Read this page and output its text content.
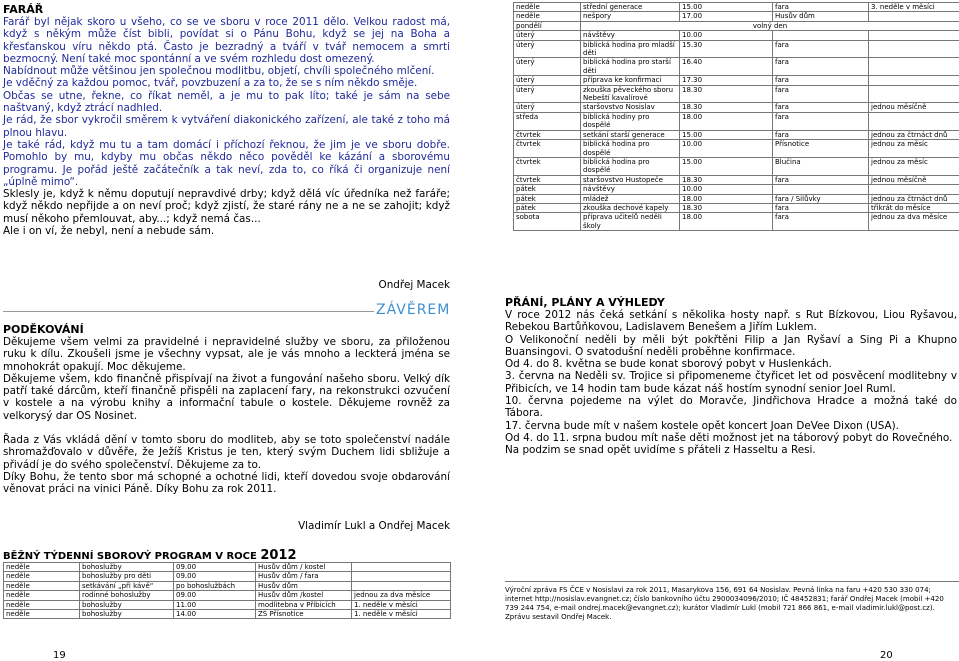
FARÁŘ

Farář byl nějak skoro u všeho, co se ve sboru v roce 2011 dělo. Velkou radost má, když s někým může číst bibli, povídat si o Pánu Bohu, když se jej na Boha a křesťanskou víru někdo ptá. Často je bezradný a tváří v tvář nemocem a smrti bezmocný. Není také moc spontánní a ve svém rozhledu dost omezený.

Nabídnout může většinou jen společnou modlitbu, objetí, chvíli společného mlčení.

Je vděčný za každou pomoc, tvář, povzbuzení a za to, že se s ním někdo směje.

Občas se utne, řekne, co říkat neměl, a je mu to pak líto; také je sám na sebe naštvaný, když ztrácí nadhled.

Je rád, že sbor vykročil směrem k vytváření diakonického zařízení, ale také z toho má plnou hlavu.

Je také rád, když mu tu a tam domácí i příchozí řeknou, že jim je ve sboru dobře. Pomohlo by mu, kdyby mu občas někdo něco pověděl ke kázání a sborovému programu. Je pořád ještě začátečník a tak neví, zda to, co říká či organizuje není „úplně mimo“.

Sklesly je, když k němu doputují nepravdivé drby; když dělá víc úředníka než faráře; když někdo nepřijde a on neví proč; když zjistí, že staré rány ne a ne se zahojit; když musí někoho přemlouvat, aby...; když nemá čas...

Ale i on ví, že nebyl, není a nebude sám.

Ondřej Macek
ZÁVĚREM

PODĚKOVÁNÍ

Děkujeme všem velmi za pravidelné i nepravidelné služby ve sboru, za přiloženou ruku k dílu. Zkoušeli jsme je všechny vypsat, ale je vás mnoho a leckterá jména se mnohokrát opakují. Moc děkujeme.

Děkujeme všem, kdo finančně přispívají na život a fungování našeho sboru. Velký dík patří také dárcům, kteří finančně přispěli na zaplacení fary, na rekonstrukci ozvučení v kostele a na výrobu knihy a informační tabule o kostele. Děkujeme rovněž za velkorysý dar OS Nosinet.

Řada z Vás vkládá dění v tomto sboru do modliteb, aby se toto společenství nadále shromažďovalo v důvěře, že Ježíš Kristus je ten, který svým Duchem lidi sbližuje a přivádí je do svého společenství. Děkujeme za to.

Díky Bohu, že tento sbor má schopné a ochotné lidi, kteří dovedou svoje obdarování věnovat práci na vinici Páně. Díky Bohu za rok 2011.

Vladimír Lukl a Ondřej Macek
BĚŽNÝ TÝDENNÍ SBOROVÝ PROGRAM V ROCE 2012
neděle	bohoslužby	09.00	Husův dům / kostel	
neděle	bohoslužby pro děti	09.00	Husův dům / fara	
neděle	setkávání „při kávě“	po bohoslužbách	Husův dům	
neděle	rodinné bohoslužby	09.00	Husův dům /kostel	jednou za dva měsíce
neděle	bohoslužby	11.00	modlitebna v Přibicích	1. neděle v měsíci
neděle	bohoslužby	14.00	ZŠ Přísnotice	1. neděle v měsíci
19
neděle	střední generace	15.00	fara	3. neděle v měsíci
neděle	nešpory	17.00	Husův dům	
pondělí	volný den			
úterý	návštěvy	10.00		
úterý	biblická hodina pro mladší děti	15.30	fara	
úterý	biblická hodina pro starší děti	16.40	fara	
úterý	příprava ke konfirmaci	17.30	fara	
úterý	zkouška pěveckého sboru Nebeští kavalírové	18.30	fara	
úterý	staršovstvo Nosislav	18.30	fara	jednou měsíčně
středa	biblická hodiny pro dospělé	18.00	fara	
čtvrtek	setkání starší generace	15.00	fara	jednou za čtrnáct dnů
čtvrtek	biblická hodina pro dospělé	10.00	Přísnotice	jednou za měsíc
čtvrtek	biblická hodina pro dospělé	15.00	Blučina	jednou za měsíc
čtvrtek	staršovstvo Hustopeče	18.30	fara	jednou měsíčně
pátek	návštěvy	10.00		
pátek	mládež	18.00	fara / Silůvky	jednou za čtrnáct dnů
pátek	zkouška dechové kapely	18.30	fara	třikrát do měsíce
sobota	příprava učitelů neděli školy	18.00	fara	jednou za dva měsíce

PŘÁNÍ, PLÁNY A VÝHLEDY

V roce 2012 nás čeká setkání s několika hosty např. s Rut Bízkovou, Liou Ryšavou, Rebekou Bartůňkovou, Ladislavem Benešem a Jiřím Luklem.

O Velikonoční neděli by měli být pokřtěni Filip a Jan Ryšaví a Sing Pi a Khupno Buansingovi. O svatodušní neděli proběhne konfirmace.

Od 4. do 8. května se bude konat sborový pobyt v Huslenkách.

3. června na Neděli sv. Trojice si připomeneme čtyřicet let od posvěcení modlitebny v Přibicích, ve 14 hodin tam bude kázat náš hostím synodní senior Joel Ruml.

10. června pojedeme na výlet do Moravče, Jindřichova Hradce a možná také do Tábora.

17. června bude mít v našem kostele opět koncert Joan DeVee Dixon (USA).

Od 4. do 11. srpna budou mít naše děti možnost jet na táborový pobyt do Rovečného.

Na podzim se snad opět uvidíme s přáteli z Hasseltu a Resi.

Výroční zpráva FS ČCE v Nosislavi za rok 2011, Masarykova 156, 691 64 Nosislav. Pevná linka na faru +420 530 330 074; internet http://nosislav.evangnet.cz; číslo bankovního účtu 2900034096/2010; IČ 48452831; farář Ondřej Macek (mobil +420 739 244 754, e-mail ondrej.macek@evangnet.cz); kurátor Vladimír Lukl (mobil 721 866 861, e-mail vladimir.lukl@post.cz). Zprávu sestavil Ondřej Macek.
20
